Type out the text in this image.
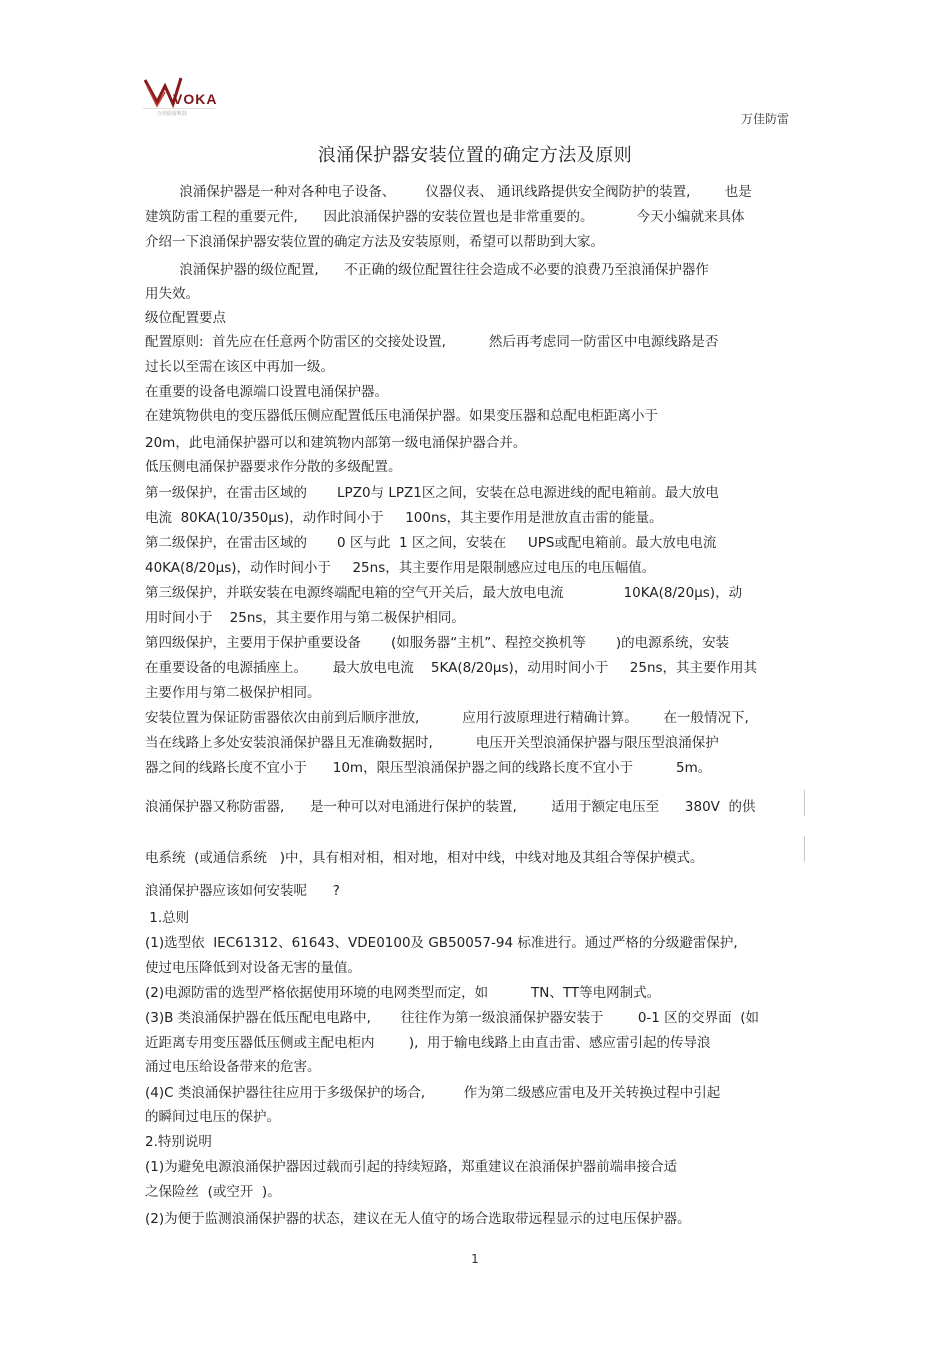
VOKA
万佳防雷科技	万佳防雷
浪涌保护器安装位置的确定方法及原则
浪涌保护器是一种对各种电子设备、       仪器仪表、 通讯线路提供安全阀防护的装置,        也是
建筑防雷工程的重要元件,      因此浪涌保护器的安装位置也是非常重要的。          今天小编就来具体
介绍一下浪涌保护器安装位置的确定方法及安装原则，希望可以帮助到大家。
浪涌保护器的级位配置,      不正确的级位配置往往会造成不必要的浪费乃至浪涌保护器作
用失效。
级位配置要点
配置原则:  首先应在任意两个防雷区的交接处设置,          然后再考虑同一防雷区中电源线路是否
过长以至需在该区中再加一级。
在重要的设备电源端口设置电涌保护器。
在建筑物供电的变压器低压侧应配置低压电涌保护器。如果变压器和总配电柜距离小于
20m，此电涌保护器可以和建筑物内部第一级电涌保护器合并。
低压侧电涌保护器要求作分散的多级配置。
第一级保护，在雷击区域的       LPZ0与 LPZ1区之间，安装在总电源进线的配电箱前。最大放电
电流  80KA(10/350μs)，动作时间小于     100ns，其主要作用是泄放直击雷的能量。
第二级保护，在雷击区域的       0 区与此  1 区之间，安装在     UPS或配电箱前。最大放电电流
40KA(8/20μs)，动作时间小于     25ns，其主要作用是限制感应过电压的电压幅值。
第三级保护，并联安装在电源终端配电箱的空气开关后，最大放电电流              10KA(8/20μs)，动
用时间小于    25ns，其主要作用与第二极保护相同。
第四级保护，主要用于保护重要设备       (如服务器“主机”、程控交换机等       )的电源系统，安装
在重要设备的电源插座上。      最大放电电流    5KA(8/20μs)，动用时间小于     25ns，其主要作用其
主要作用与第二极保护相同。
安装位置为保证防雷器依次由前到后顺序泄放,          应用行波原理进行精确计算。      在一般情况下,
当在线路上多处安装浪涌保护器且无准确数据时,          电压开关型浪涌保护器与限压型浪涌保护
器之间的线路长度不宜小于      10m，限压型浪涌保护器之间的线路长度不宜小于          5m。
浪涌保护器又称防雷器,      是一种可以对电涌进行保护的装置,        适用于额定电压至      380V  的供
电系统  (或通信系统   )中，具有相对相，相对地，相对中线，中线对地及其组合等保护模式。
浪涌保护器应该如何安装呢      ?
1.总则
(1)选型依  IEC61312、61643、VDE0100及 GB50057-94 标准进行。通过严格的分级避雷保护,
使过电压降低到对设备无害的量值。
(2)电源防雷的选型严格依据使用环境的电网类型而定，如          TN、TT等电网制式。
(3)B 类浪涌保护器在低压配电电路中,       往往作为第一级浪涌保护器安装于        0-1 区的交界面  (如
近距离专用变压器低压侧或主配电柜内        ),  用于输电线路上由直击雷、感应雷引起的传导浪
涌过电压给设备带来的危害。
(4)C 类浪涌保护器往往应用于多级保护的场合,         作为第二级感应雷电及开关转换过程中引起
的瞬间过电压的保护。
2.特别说明
(1)为避免电源浪涌保护器因过载而引起的持续短路，郑重建议在浪涌保护器前端串接合适
之保险丝  (或空开  )。
(2)为便于监测浪涌保护器的状态，建议在无人值守的场合选取带远程显示的过电压保护器。
1
